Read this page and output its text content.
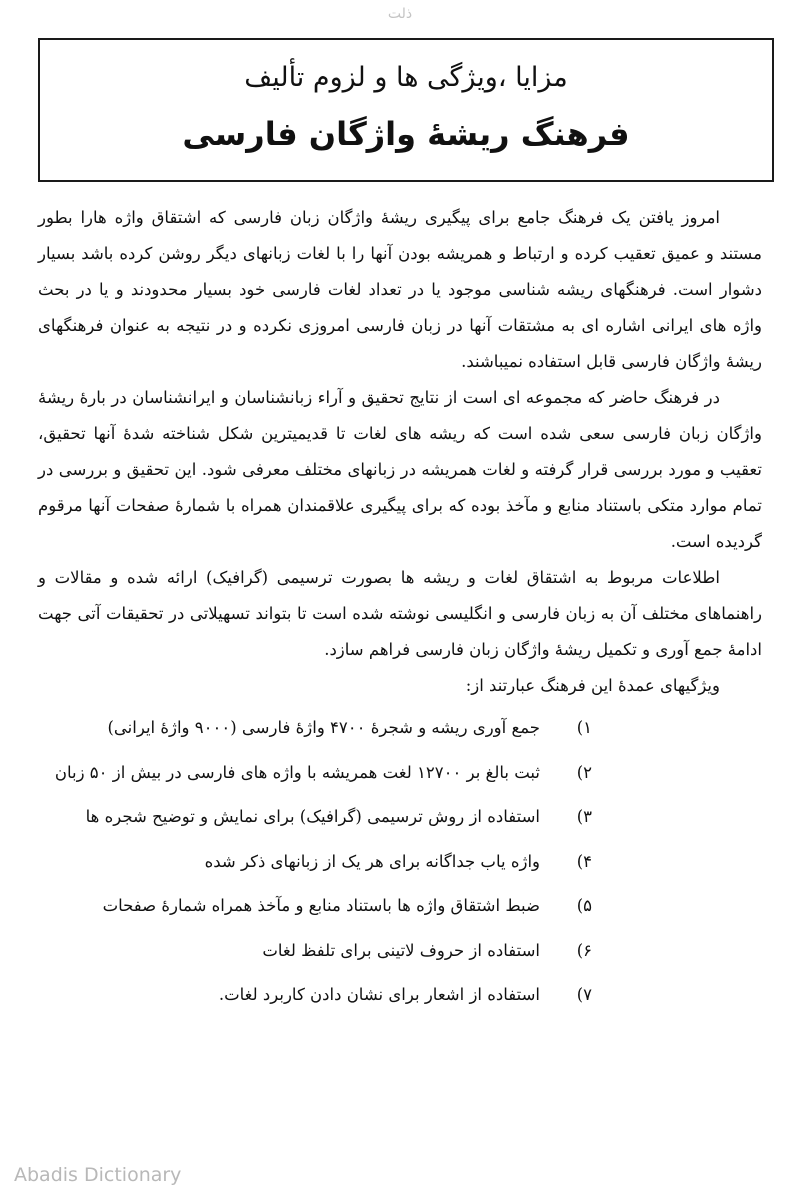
ذلت
مزایا ،ویژگی ها و لزوم تألیف
فرهنگ ریشهٔ واژگان فارسی

امروز یافتن یک فرهنگ جامع برای پیگیری ریشهٔ واژگان زبان فارسی که اشتقاق واژه هارا بطور مستند و عمیق تعقیب کرده و ارتباط و همریشه بودن آنها را با لغات زبانهای دیگر روشن کرده باشد بسیار دشوار است. فرهنگهای ریشه شناسی موجود یا در تعداد لغات فارسی خود بسیار محدودند و یا در بحث واژه های ایرانی اشاره ای به مشتقات آنها در زبان فارسی امروزی نکرده و در نتیجه به عنوان فرهنگهای ریشهٔ واژگان فارسی قابل استفاده نمیباشند.

در فرهنگ حاضر که مجموعه ای است از نتایج تحقیق و آراء زبانشناسان و ایرانشناسان در بارهٔ ریشهٔ واژگان زبان فارسی سعی شده است که ریشه های لغات تا قدیمیترین شکل شناخته شدهٔ آنها تحقیق، تعقیب و مورد بررسی قرار گرفته و لغات همریشه در زبانهای مختلف معرفی شود. این تحقیق و بررسی در تمام موارد متکی باستناد منابع و مآخذ بوده که برای پیگیری علاقمندان همراه با شمارهٔ صفحات آنها مرقوم گردیده است.

اطلاعات مربوط به اشتقاق لغات و ریشه ها بصورت ترسیمی (گرافیک) ارائه شده و مقالات و راهنماهای مختلف آن به زبان فارسی و انگلیسی نوشته شده است تا بتواند تسهیلاتی در تحقیقات آتی جهت ادامهٔ جمع آوری و تکمیل ریشهٔ واژگان زبان فارسی فراهم سازد.

ویژگیهای عمدهٔ این فرهنگ عبارتند از:

۱)
جمع آوری ریشه و شجرهٔ ۴۷۰۰ واژهٔ فارسی (۹۰۰۰ واژهٔ ایرانی)
۲)
ثبت بالغ بر ۱۲۷۰۰ لغت همریشه با واژه های فارسی در بیش از ۵۰ زبان
۳)
استفاده از روش ترسیمی (گرافیک) برای نمایش و توضیح شجره ها
۴)
واژه یاب جداگانه برای هر یک از زبانهای ذکر شده
۵)
ضبط اشتقاق واژه ها باستناد منابع و مآخذ همراه شمارهٔ صفحات
۶)
استفاده از حروف لاتینی برای تلفظ لغات
۷)
استفاده از اشعار برای نشان دادن کاربرد لغات.
Abadis Dictionary
